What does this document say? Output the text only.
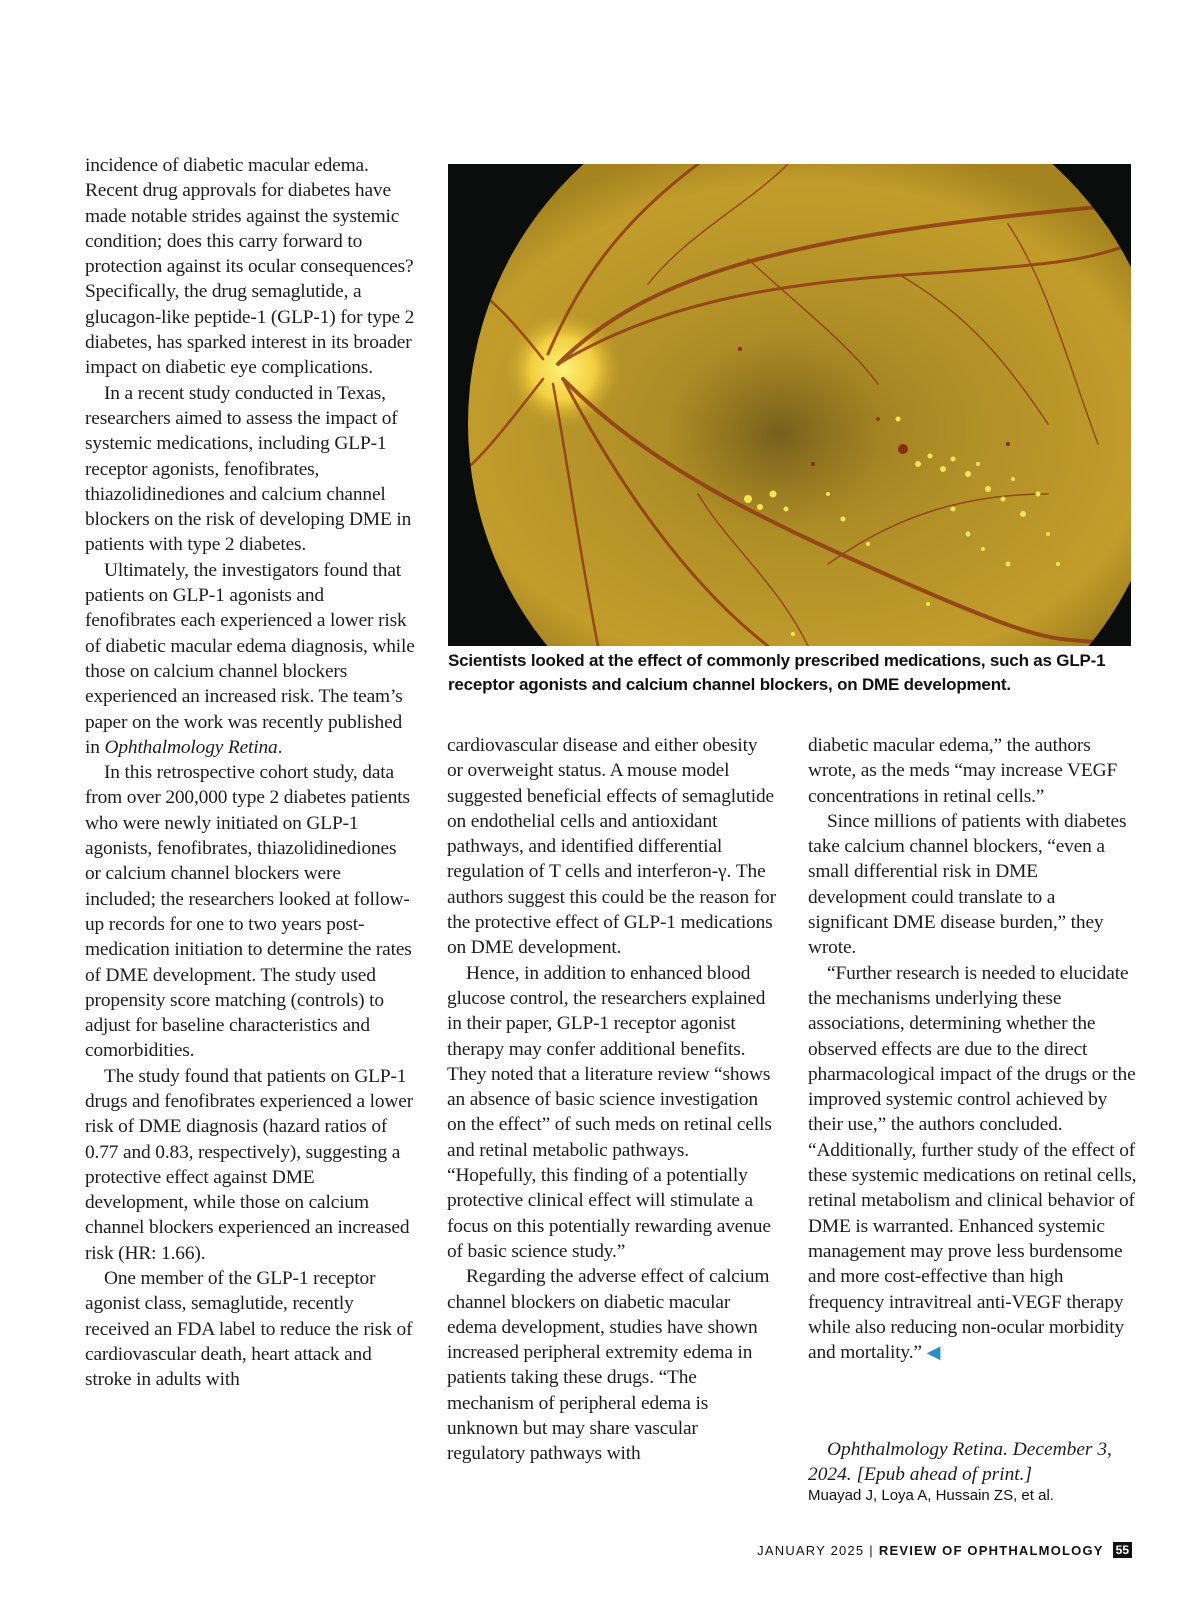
incidence of diabetic macular edema. Recent drug approvals for diabetes have made notable strides against the systemic condition; does this carry forward to protection against its ocular consequences? Specifically, the drug semaglutide, a glucagon-like peptide-1 (GLP-1) for type 2 diabetes, has sparked interest in its broader impact on diabetic eye complications.

In a recent study conducted in Texas, researchers aimed to assess the impact of systemic medications, including GLP-1 receptor agonists, fenofibrates, thiazolidinediones and calcium channel blockers on the risk of developing DME in patients with type 2 diabetes.

Ultimately, the investigators found that patients on GLP-1 agonists and fenofibrates each experienced a lower risk of diabetic macular edema diagnosis, while those on calcium channel blockers experienced an increased risk. The team’s paper on the work was recently published in Ophthalmology Retina.

In this retrospective cohort study, data from over 200,000 type 2 diabetes patients who were newly initiated on GLP-1 agonists, fenofibrates, thiazolidinediones or calcium channel blockers were included; the researchers looked at follow-up records for one to two years post-medication initiation to determine the rates of DME development. The study used propensity score matching (controls) to adjust for baseline characteristics and comorbidities.

The study found that patients on GLP-1 drugs and fenofibrates experienced a lower risk of DME diagnosis (hazard ratios of 0.77 and 0.83, respectively), suggesting a protective effect against DME development, while those on calcium channel blockers experienced an increased risk (HR: 1.66).

One member of the GLP-1 receptor agonist class, semaglutide, recently received an FDA label to reduce the risk of cardiovascular death, heart attack and stroke in adults with

Scientists looked at the effect of commonly prescribed medications, such as GLP-1 receptor agonists and calcium channel blockers, on DME development.

cardiovascular disease and either obesity or overweight status. A mouse model suggested beneficial effects of semaglutide on endothelial cells and antioxidant pathways, and identified differential regulation of T cells and interferon-γ. The authors suggest this could be the reason for the protective effect of GLP-1 medications on DME development.

Hence, in addition to enhanced blood glucose control, the researchers explained in their paper, GLP-1 receptor agonist therapy may confer additional benefits. They noted that a literature review “shows an absence of basic science investigation on the effect” of such meds on retinal cells and retinal metabolic pathways. “Hopefully, this finding of a potentially protective clinical effect will stimulate a focus on this potentially rewarding avenue of basic science study.”

Regarding the adverse effect of calcium channel blockers on diabetic macular edema development, studies have shown increased peripheral extremity edema in patients taking these drugs. “The mechanism of peripheral edema is unknown but may share vascular regulatory pathways with

diabetic macular edema,” the authors wrote, as the meds “may increase VEGF concentrations in retinal cells.”

Since millions of patients with diabetes take calcium channel blockers, “even a small differential risk in DME development could translate to a significant DME disease burden,” they wrote.

“Further research is needed to elucidate the mechanisms underlying these associations, determining whether the observed effects are due to the direct pharmacological impact of the drugs or the improved systemic control achieved by their use,” the authors concluded. “Additionally, further study of the effect of these systemic medications on retinal cells, retinal metabolism and clinical behavior of DME is warranted. Enhanced systemic management may prove less burdensome and more cost-effective than high frequency intravitreal anti-VEGF therapy while also reducing non-ocular morbidity and mortality.” ◀

Ophthalmology Retina. December 3, 2024. [Epub ahead of print.]

Muayad J, Loya A, Hussain ZS, et al.

JANUARY 2025 | REVIEW OF OPHTHALMOLOGY 55
